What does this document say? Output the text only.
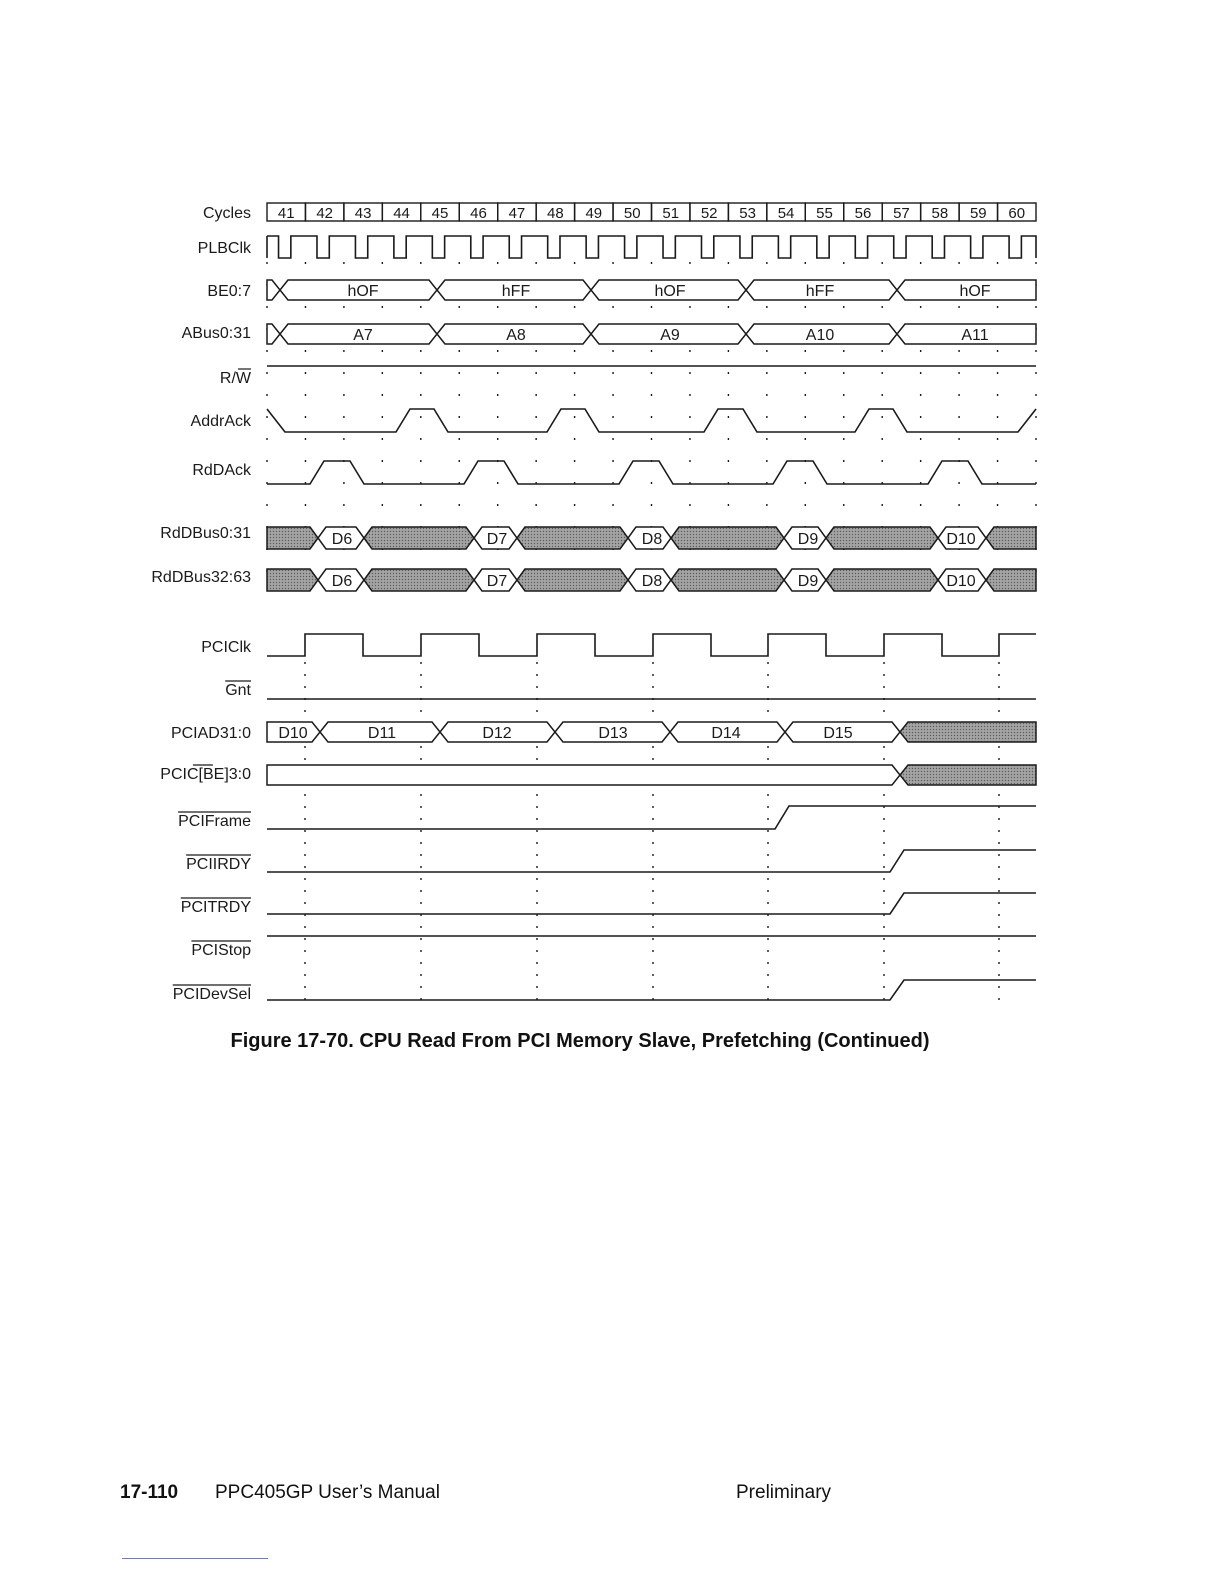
Cycles
PLBClk
BE0:7
ABus0:31
R/W
AddrAck
RdDAck
RdDBus0:31
RdDBus32:63
PCIClk
Gnt
PCIAD31:0
PCIC[BE]3:0
PCIFrame
PCIIRDY
PCITRDY
PCIStop
PCIDevSel
41 42 43 44 45 46 47 48 49 50 51 52 53 54 55 56 57 58 59 60
hOF	hFF	hOF	hFF	hOF
A7	A8	A9	A10	A11
D6	D7	D8	D9	D10
D6	D7	D8	D9	D10
D10	D11	D12	D13	D14	D15
Figure 17-70. CPU Read From PCI Memory Slave, Prefetching (Continued)
17-110 PPC405GP User’s Manual	Preliminary
